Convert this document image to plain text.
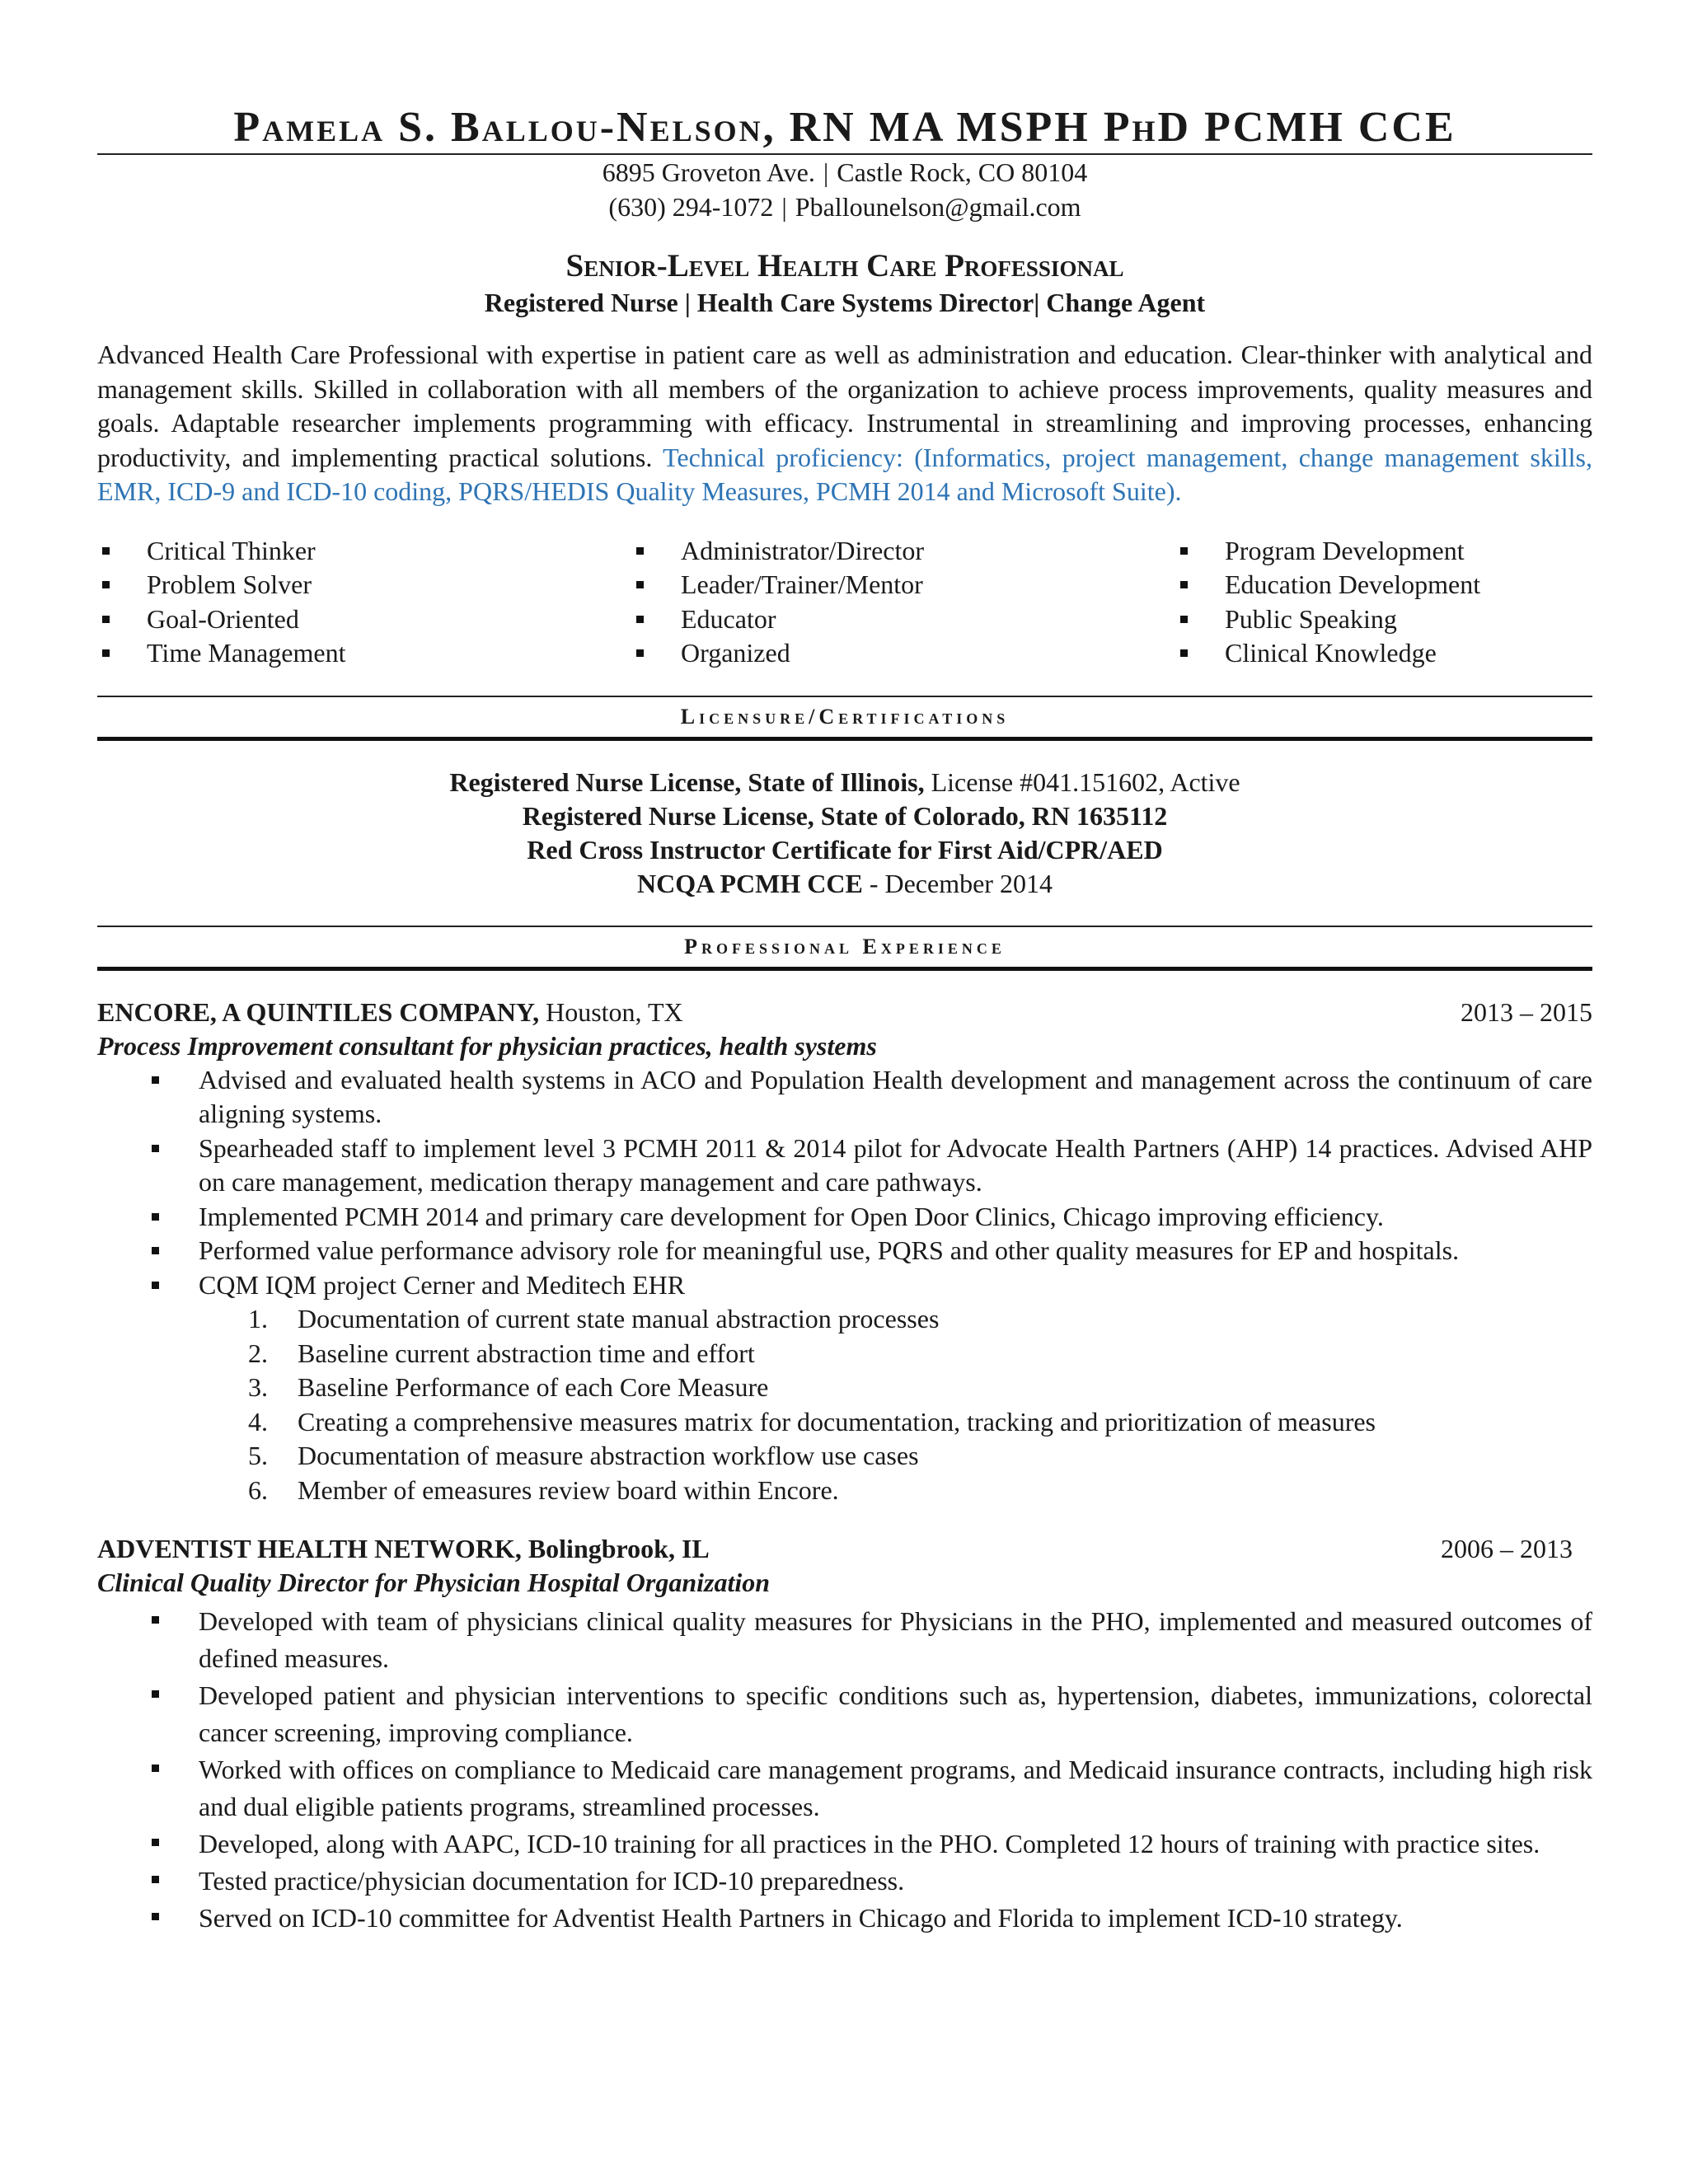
Pamela S. Ballou-Nelson, RN MA MSPH PhD PCMH CCE
6895 Groveton Ave. | Castle Rock, CO 80104
(630) 294-1072 | Pballounelson@gmail.com
Senior-Level Health Care Professional
Registered Nurse | Health Care Systems Director| Change Agent
Advanced Health Care Professional with expertise in patient care as well as administration and education. Clear-thinker with analytical and management skills. Skilled in collaboration with all members of the organization to achieve process improvements, quality measures and goals. Adaptable researcher implements programming with efficacy. Instrumental in streamlining and improving processes, enhancing productivity, and implementing practical solutions. Technical proficiency: (Informatics, project management, change management skills, EMR, ICD-9 and ICD-10 coding, PQRS/HEDIS Quality Measures, PCMH 2014 and Microsoft Suite).
Critical Thinker
Problem Solver
Goal-Oriented
Time Management
Administrator/Director
Leader/Trainer/Mentor
Educator
Organized
Program Development
Education Development
Public Speaking
Clinical Knowledge
Licensure/Certifications
Registered Nurse License, State of Illinois, License #041.151602, Active
Registered Nurse License, State of Colorado, RN 1635112
Red Cross Instructor Certificate for First Aid/CPR/AED
NCQA PCMH CCE - December 2014
Professional Experience
ENCORE, A QUINTILES COMPANY, Houston, TX	2013 – 2015
Process Improvement consultant for physician practices, health systems
Advised and evaluated health systems in ACO and Population Health development and management across the continuum of care aligning systems.
Spearheaded staff to implement level 3 PCMH 2011 & 2014 pilot for Advocate Health Partners (AHP) 14 practices. Advised AHP on care management, medication therapy management and care pathways.
Implemented PCMH 2014 and primary care development for Open Door Clinics, Chicago improving efficiency.
Performed value performance advisory role for meaningful use, PQRS and other quality measures for EP and hospitals.
CQM IQM project Cerner and Meditech EHR
1. Documentation of current state manual abstraction processes
2. Baseline current abstraction time and effort
3. Baseline Performance of each Core Measure
4. Creating a comprehensive measures matrix for documentation, tracking and prioritization of measures
5. Documentation of measure abstraction workflow use cases
6. Member of emeasures review board within Encore.
ADVENTIST HEALTH NETWORK, Bolingbrook, IL	2006 – 2013
Clinical Quality Director for Physician Hospital Organization
Developed with team of physicians clinical quality measures for Physicians in the PHO, implemented and measured outcomes of defined measures.
Developed patient and physician interventions to specific conditions such as, hypertension, diabetes, immunizations, colorectal cancer screening, improving compliance.
Worked with offices on compliance to Medicaid care management programs, and Medicaid insurance contracts, including high risk and dual eligible patients programs, streamlined processes.
Developed, along with AAPC, ICD-10 training for all practices in the PHO. Completed 12 hours of training with practice sites.
Tested practice/physician documentation for ICD-10 preparedness.
Served on ICD-10 committee for Adventist Health Partners in Chicago and Florida to implement ICD-10 strategy.
